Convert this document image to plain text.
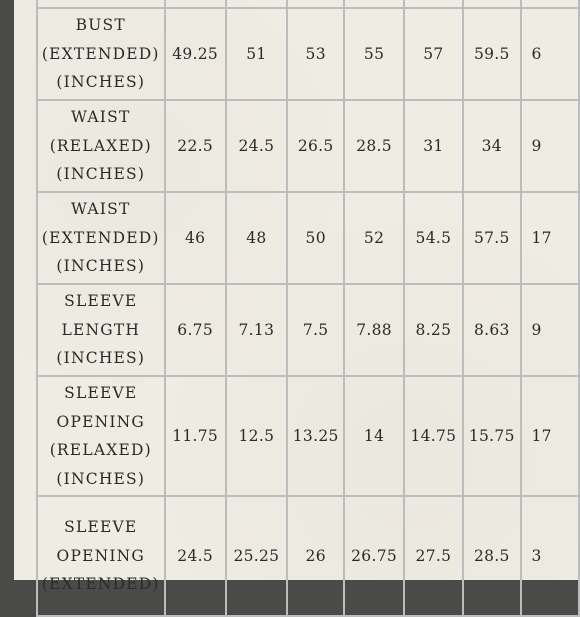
BUST
(EXTENDED)
(INCHES)	49.25	51	53	55	57	59.5	6

WAIST
(RELAXED)
(INCHES)	22.5	24.5	26.5	28.5	31	34	9

WAIST
(EXTENDED)
(INCHES)	46	48	50	52	54.5	57.5	17

SLEEVE
LENGTH
(INCHES)	6.75	7.13	7.5	7.88	8.25	8.63	9

SLEEVE
OPENING
(RELAXED)
(INCHES)	11.75	12.5	13.25	14	14.75	15.75	17

SLEEVE
OPENING
(EXTENDED)	24.5	25.25	26	26.75	27.5	28.5	3
